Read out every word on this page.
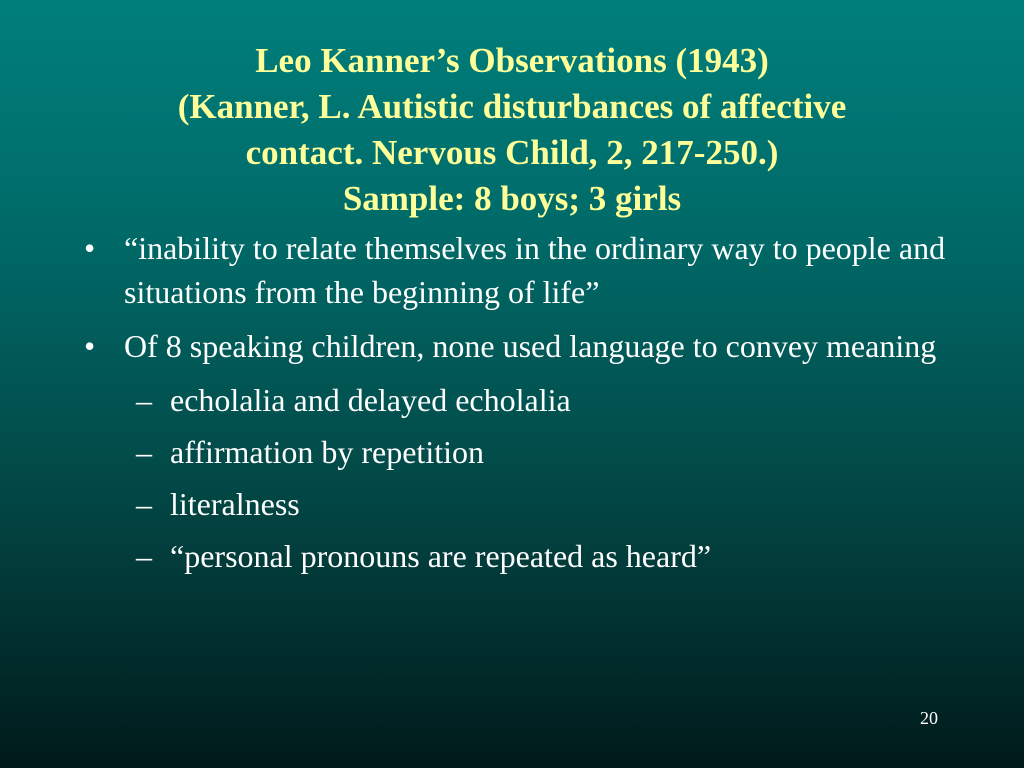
Leo Kanner’s Observations (1943)
(Kanner, L. Autistic disturbances of affective
contact. Nervous Child, 2, 217-250.)
Sample: 8 boys; 3 girls
• “inability to relate themselves in the ordinary way to people and situations from the beginning of life”
• Of 8 speaking children, none used language to convey meaning
– echolalia and delayed echolalia
– affirmation by repetition
– literalness
– “personal pronouns are repeated as heard”
20
